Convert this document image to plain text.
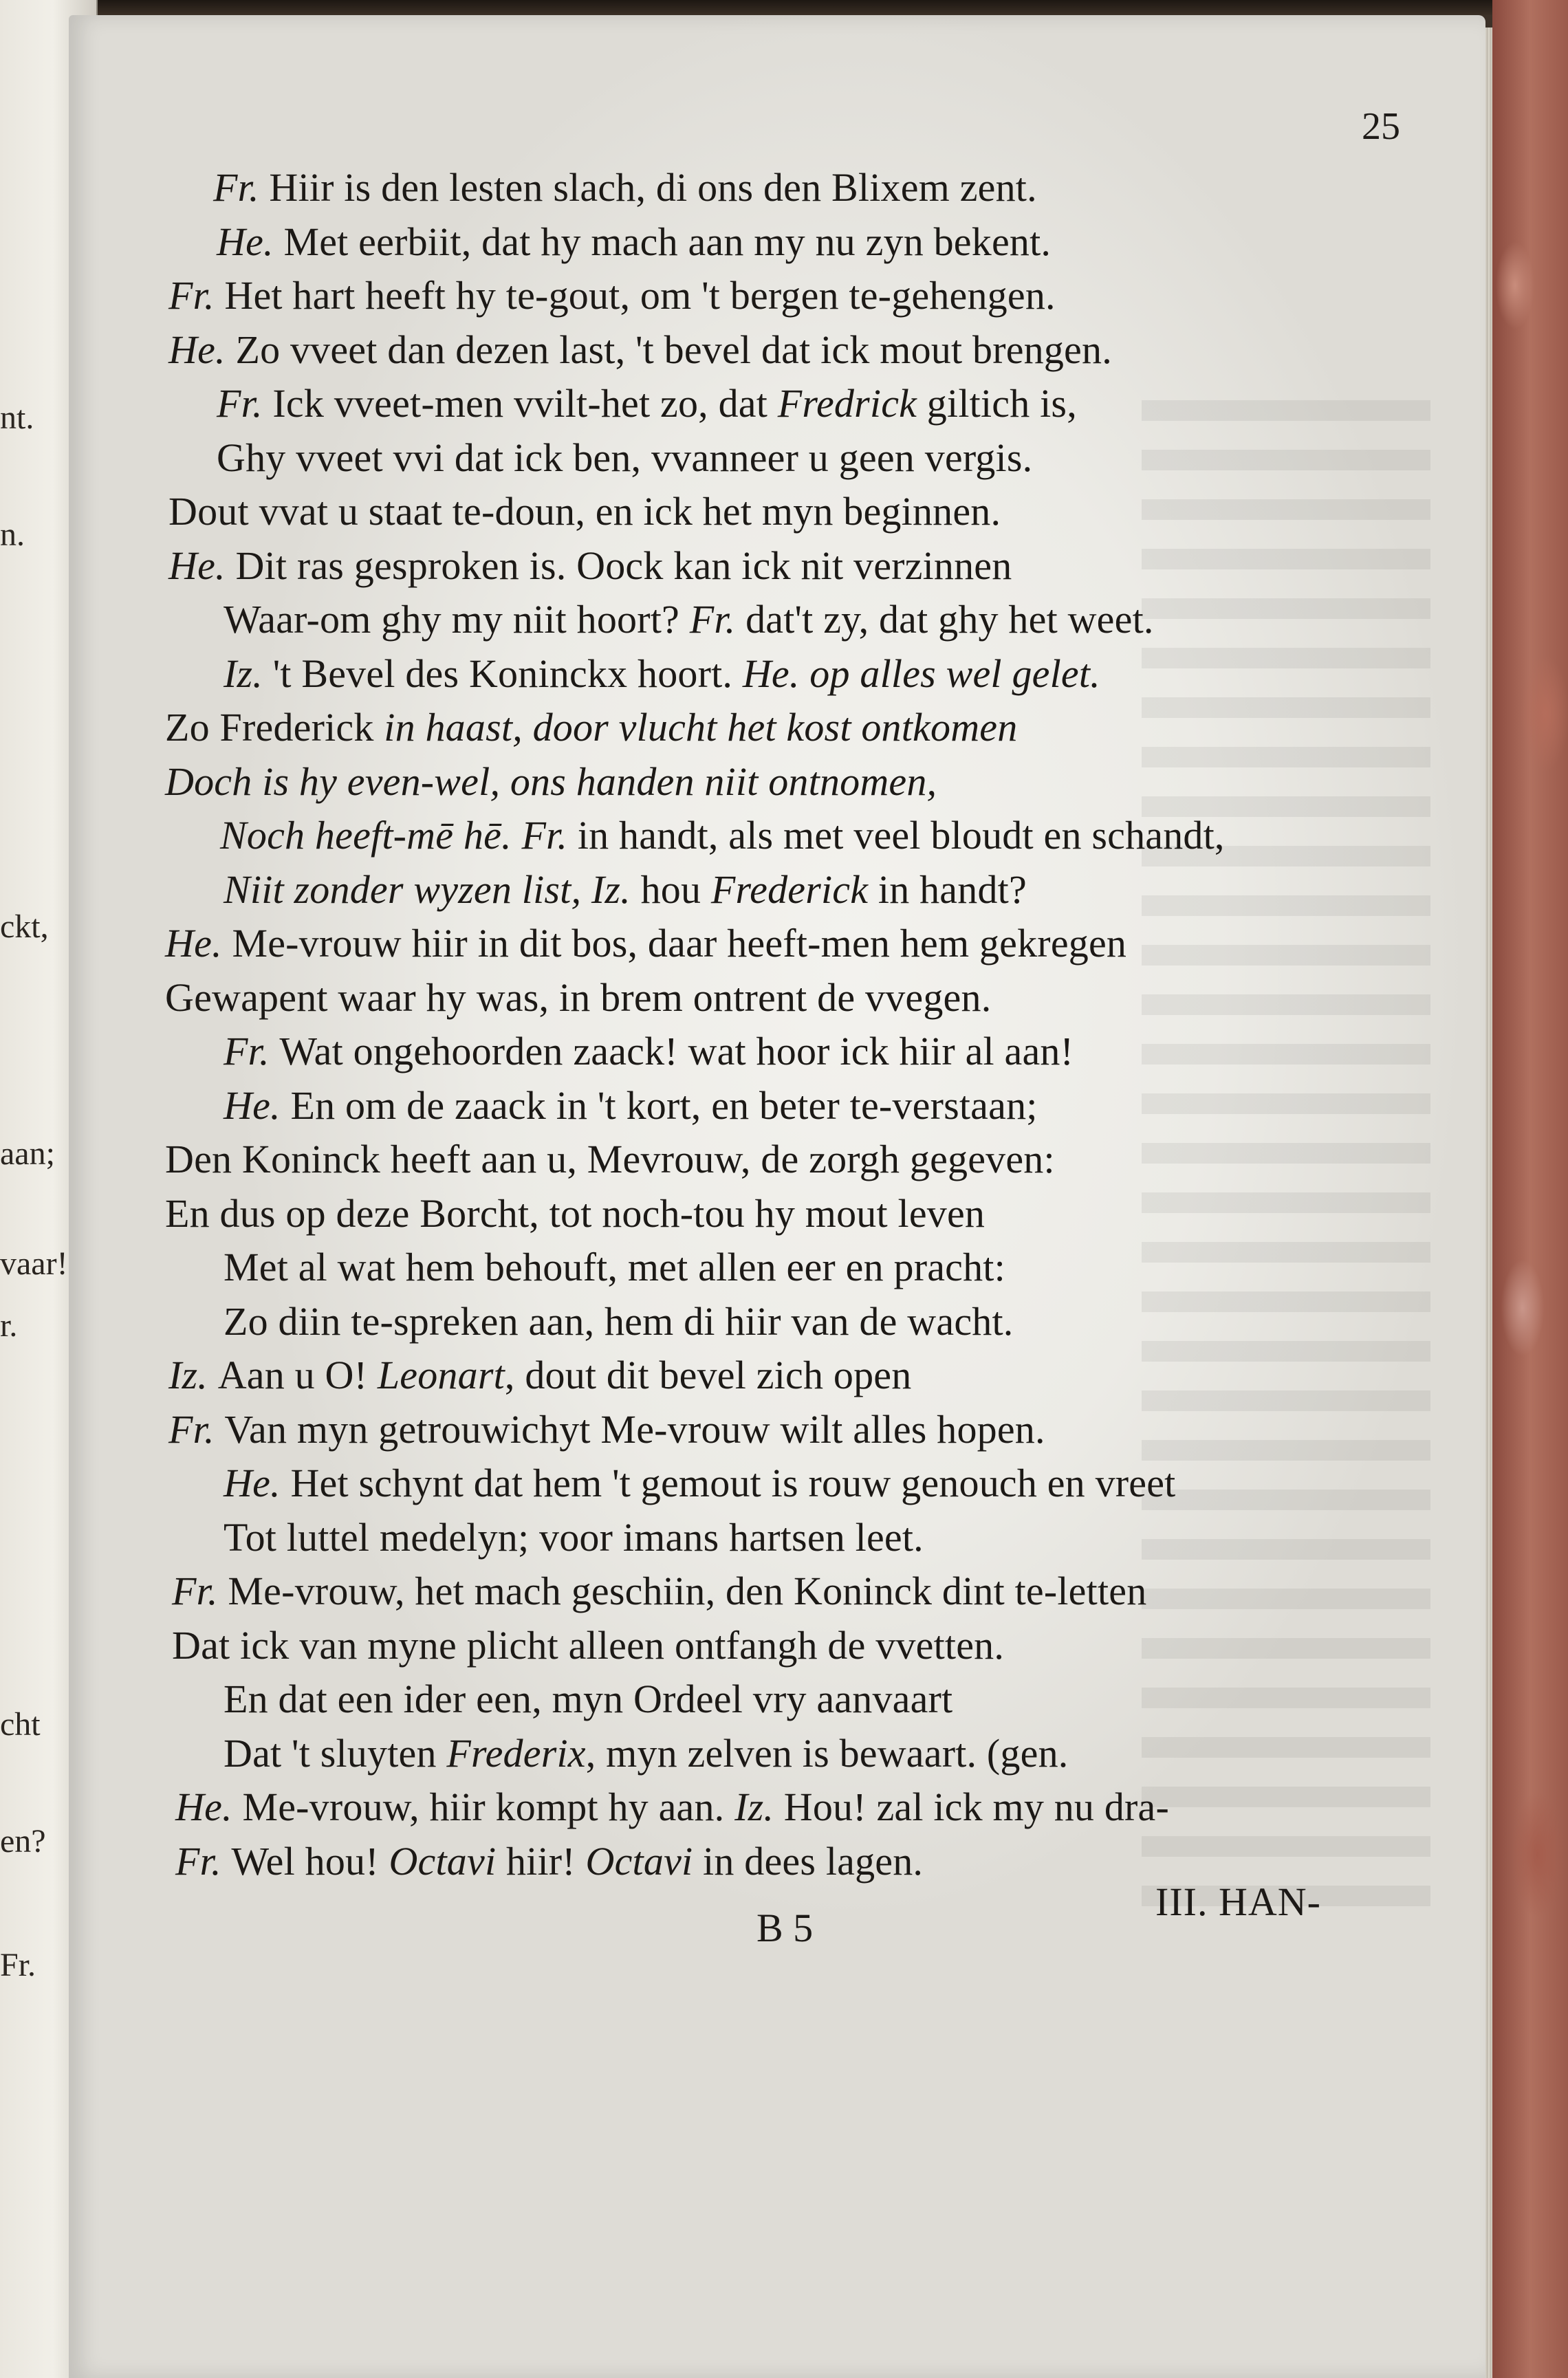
nt.
n.
ckt,
aan;
vaar!
r.
cht
en?
Fr.
25
Fr. Hiir is den lesten slach, di ons den Blixem zent.
He. Met eerbiit, dat hy mach aan my nu zyn bekent.
Fr. Het hart heeft hy te-gout, om 't bergen te-gehengen.
He. Zo vveet dan dezen last, 't bevel dat ick mout brengen.
Fr. Ick vveet-men vvilt-het zo, dat Fredrick giltich is,
Ghy vveet vvi dat ick ben, vvanneer u geen vergis.
Dout vvat u staat te-doun, en ick het myn beginnen.
He. Dit ras gesproken is. Oock kan ick nit verzinnen
Waar-om ghy my niit hoort? Fr. dat't zy, dat ghy het weet.
Iz. 't Bevel des Koninckx hoort. He. op alles wel gelet.
Zo Frederick in haast, door vlucht het kost ontkomen
Doch is hy even-wel, ons handen niit ontnomen,
Noch heeft-mē hē. Fr. in handt, als met veel bloudt en schandt,
Niit zonder wyzen list, Iz. hou Frederick in handt?
He. Me-vrouw hiir in dit bos, daar heeft-men hem gekregen
Gewapent waar hy was, in brem ontrent de vvegen.
Fr. Wat ongehoorden zaack! wat hoor ick hiir al aan!
He. En om de zaack in 't kort, en beter te-verstaan;
Den Koninck heeft aan u, Mevrouw, de zorgh gegeven:
En dus op deze Borcht, tot noch-tou hy mout leven
Met al wat hem behouft, met allen eer en pracht:
Zo diin te-spreken aan, hem di hiir van de wacht.
Iz. Aan u O! Leonart, dout dit bevel zich open
Fr. Van myn getrouwichyt Me-vrouw wilt alles hopen.
He. Het schynt dat hem 't gemout is rouw genouch en vreet
Tot luttel medelyn; voor imans hartsen leet.
Fr. Me-vrouw, het mach geschiin, den Koninck dint te-letten
Dat ick van myne plicht alleen ontfangh de vvetten.
En dat een ider een, myn Ordeel vry aanvaart
Dat 't sluyten Frederix, myn zelven is bewaart. (gen.
He. Me-vrouw, hiir kompt hy aan. Iz. Hou! zal ick my nu dra-
Fr. Wel hou! Octavi hiir! Octavi in dees lagen.
B 5
III. HAN-
